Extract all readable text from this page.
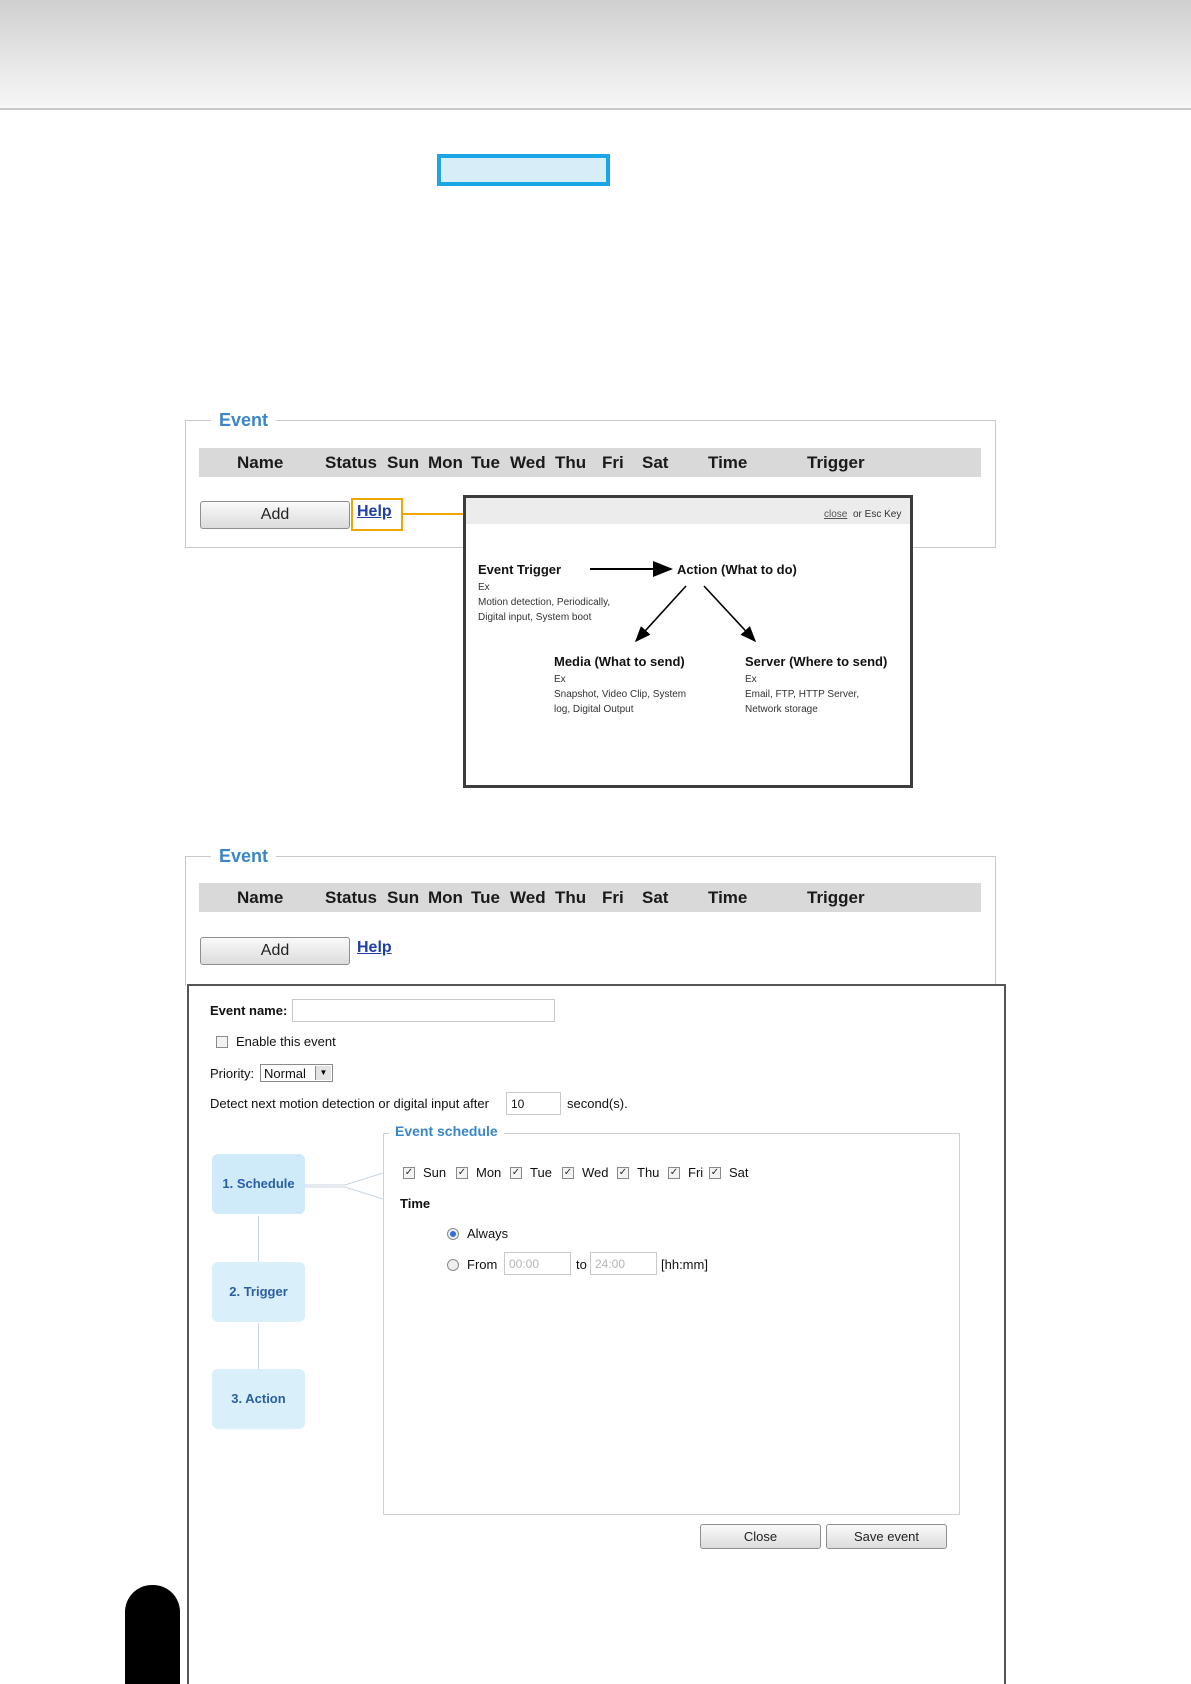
Event
Name Status Sun Mon Tue Wed Thu Fri Sat Time	Trigger
Add	Help	close or Esc Key
Event Trigger
Ex
Motion detection, Periodically,
Digital input, System boot
Action (What to do)
Media (What to send)
Ex
Snapshot, Video Clip, System
log, Digital Output
Server (Where to send)
Ex
Email, FTP, HTTP Server,
Network storage
Event
Name Status Sun Mon Tue Wed Thu Fri Sat Time	Trigger
Add	Help
Event name:
Enable this event
Priority: Normal	▼
Detect next motion detection or digital input after
10	second(s).
1. Schedule
2. Trigger
3. Action
Event schedule
✓ Sun ✓ Mon ✓ Tue ✓ Wed ✓ Thu ✓ Fri ✓ Sat
Time
Always
From
00:00	to
24:00	[hh:mm]
Close	Save event
